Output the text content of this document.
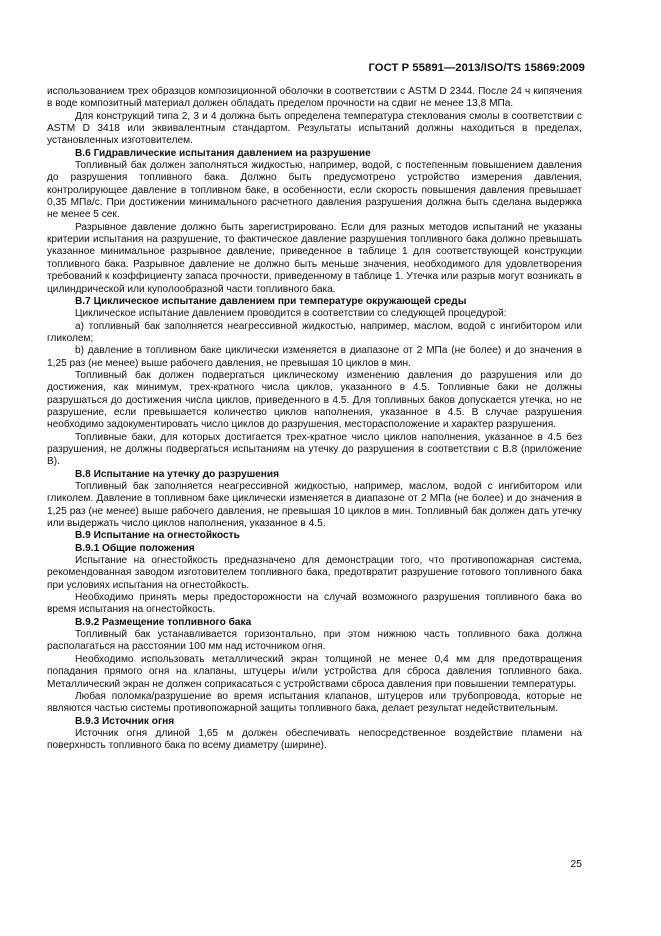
ГОСТ Р 55891—2013/ISO/TS 15869:2009

использованием трех образцов композиционной оболочки в соответствии с ASTM D 2344. После 24 ч кипячения в воде композитный материал должен обладать пределом прочности на сдвиг не менее 13,8 МПа.

Для конструкций типа 2, 3 и 4 должна быть определена температура стеклования смолы в соответствии с ASTM D 3418 или эквивалентным стандартом. Результаты испытаний должны находиться в пределах, установленных изготовителем.

В.6 Гидравлические испытания давлением на разрушение

Топливный бак должен заполняться жидкостью, например, водой, с постепенным повышением давления до разрушения топливного бака. Должно быть предусмотрено устройство измерения давления, контролирующее давление в топливном баке, в особенности, если скорость повышения давления превышает 0,35 МПа/с. При достижении минимального расчетного давления разрушения должна быть сделана выдержка не менее 5 сек.

Разрывное давление должно быть зарегистрировано. Если для разных методов испытаний не указаны критерии испытания на разрушение, то фактическое давление разрушения топливного бака должно превышать указанное минимальное разрывное давление, приведенное в таблице 1 для соответствующей конструкции топливного бака. Разрывное давление не должно быть меньше значения, необходимого для удовлетворения требований к коэффициенту запаса прочности, приведенному в таблице 1. Утечка или разрыв могут возникать в цилиндрической или куполообразной части топливного бака.

В.7 Циклическое испытание давлением при температуре окружающей среды

Циклическое испытание давлением проводится в соответствии со следующей процедурой:

a) топливный бак заполняется неагрессивной жидкостью, например, маслом, водой с ингибитором или гликолем;

b) давление в топливном баке циклически изменяется в диапазоне от 2 МПа (не более) и до значения в 1,25 раз (не менее) выше рабочего давления, не превышая 10 циклов в мин.

Топливный бак должен подвергаться циклическому изменению давления до разрушения или до достижения, как минимум, трех-кратного числа циклов, указанного в 4.5. Топливные баки не должны разрушаться до достижения числа циклов, приведенного в 4.5. Для топливных баков допускается утечка, но не разрушение, если превышается количество циклов наполнения, указанное в 4.5. В случае разрушения необходимо задокументировать число циклов до разрушения, месторасположение и характер разрушения.

Топливные баки, для которых достигается трех-кратное число циклов наполнения, указанное в 4.5 без разрушения, не должны подвергаться испытаниям на утечку до разрушения в соответствии с В.8 (приложение В).

В.8 Испытание на утечку до разрушения

Топливный бак заполняется неагрессивной жидкостью, например, маслом, водой с ингибитором или гликолем. Давление в топливном баке циклически изменяется в диапазоне от 2 МПа (не более) и до значения в 1,25 раз (не менее) выше рабочего давления, не превышая 10 циклов в мин. Топливный бак должен дать утечку или выдержать число циклов наполнения, указанное в 4.5.

В.9 Испытание на огнестойкость
В.9.1 Общие положения

Испытание на огнестойкость предназначено для демонстрации того, что противопожарная система, рекомендованная заводом изготовителем топливного бака, предотвратит разрушение готового топливного бака при условиях испытания на огнестойкость.

Необходимо принять меры предосторожности на случай возможного разрушения топливного бака во время испытания на огнестойкость.

В.9.2 Размещение топливного бака

Топливный бак устанавливается горизонтально, при этом нижнюю часть топливного бака должна располагаться на расстоянии 100 мм над источником огня.

Необходимо использовать металлический экран толщиной не менее 0,4 мм для предотвращения попадания прямого огня на клапаны, штуцеры и/или устройства для сброса давления топливного бака. Металлический экран не должен соприкасаться с устройствами сброса давления при повышении температуры.

Любая поломка/разрушение во время испытания клапанов, штуцеров или трубопровода, которые не являются частью системы противопожарной защиты топливного бака, делает результат недействительным.

В.9.3 Источник огня

Источник огня длиной 1,65 м должен обеспечивать непосредственное воздействие пламени на поверхность топливного бака по всему диаметру (ширине).

25
